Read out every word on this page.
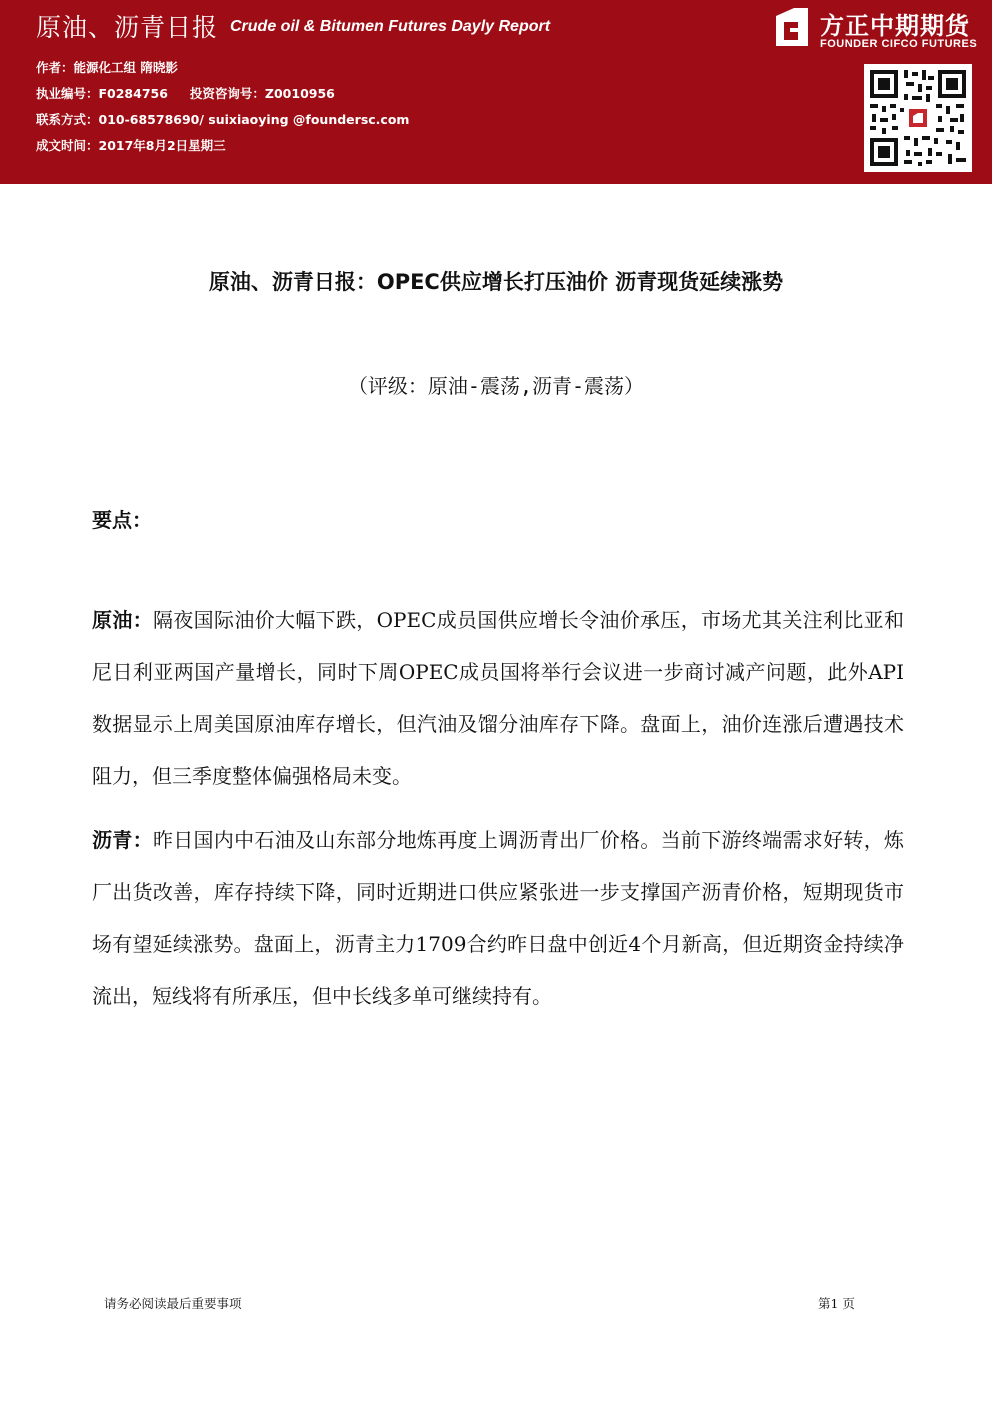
原油、沥青日报 Crude oil & Bitumen Futures Dayly Report
作者：能源化工组 隋晓影
执业编号：F0284756 投资咨询号：Z0010956
联系方式：010-68578690/ suixiaoying @foundersc.com
成文时间：2017年8月2日星期三
方正中期期货
FOUNDER CIFCO FUTURES
原油、沥青日报：OPEC供应增长打压油价 沥青现货延续涨势
（评级：原油-震荡,沥青-震荡）
要点：
原油：隔夜国际油价大幅下跌，OPEC成员国供应增长令油价承压，市场尤其关注利比亚和尼日利亚两国产量增长，同时下周OPEC成员国将举行会议进一步商讨减产问题，此外API数据显示上周美国原油库存增长，但汽油及馏分油库存下降。盘面上，油价连涨后遭遇技术阻力，但三季度整体偏强格局未变。
沥青：昨日国内中石油及山东部分地炼再度上调沥青出厂价格。当前下游终端需求好转，炼厂出货改善，库存持续下降，同时近期进口供应紧张进一步支撑国产沥青价格，短期现货市场有望延续涨势。盘面上，沥青主力1709合约昨日盘中创近4个月新高，但近期资金持续净流出，短线将有所承压，但中长线多单可继续持有。
请务必阅读最后重要事项	第1 页
